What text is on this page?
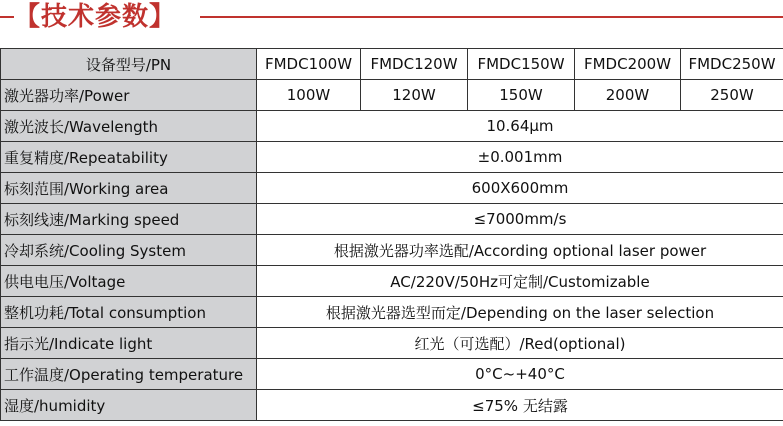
【技术参数】
设备型号/PN	FMDC100W	FMDC120W	FMDC150W	FMDC200W	FMDC250W
激光器功率/Power	100W	120W	150W	200W	250W
激光波长/Wavelength	10.64μm				
重复精度/Repeatability	±0.001mm				
标刻范围/Working area	600X600mm				
标刻线速/Marking speed	≤7000mm/s				
冷却系统/Cooling System	根据激光器功率选配/According optional laser power				
供电电压/Voltage	AC/220V/50Hz可定制/Customizable				
整机功耗/Total consumption	根据激光器选型而定/Depending on the laser selection				
指示光/Indicate light	红光（可选配）/Red(optional)				
工作温度/Operating temperature	0°C~+40°C				
湿度/humidity	≤75% 无结露				
